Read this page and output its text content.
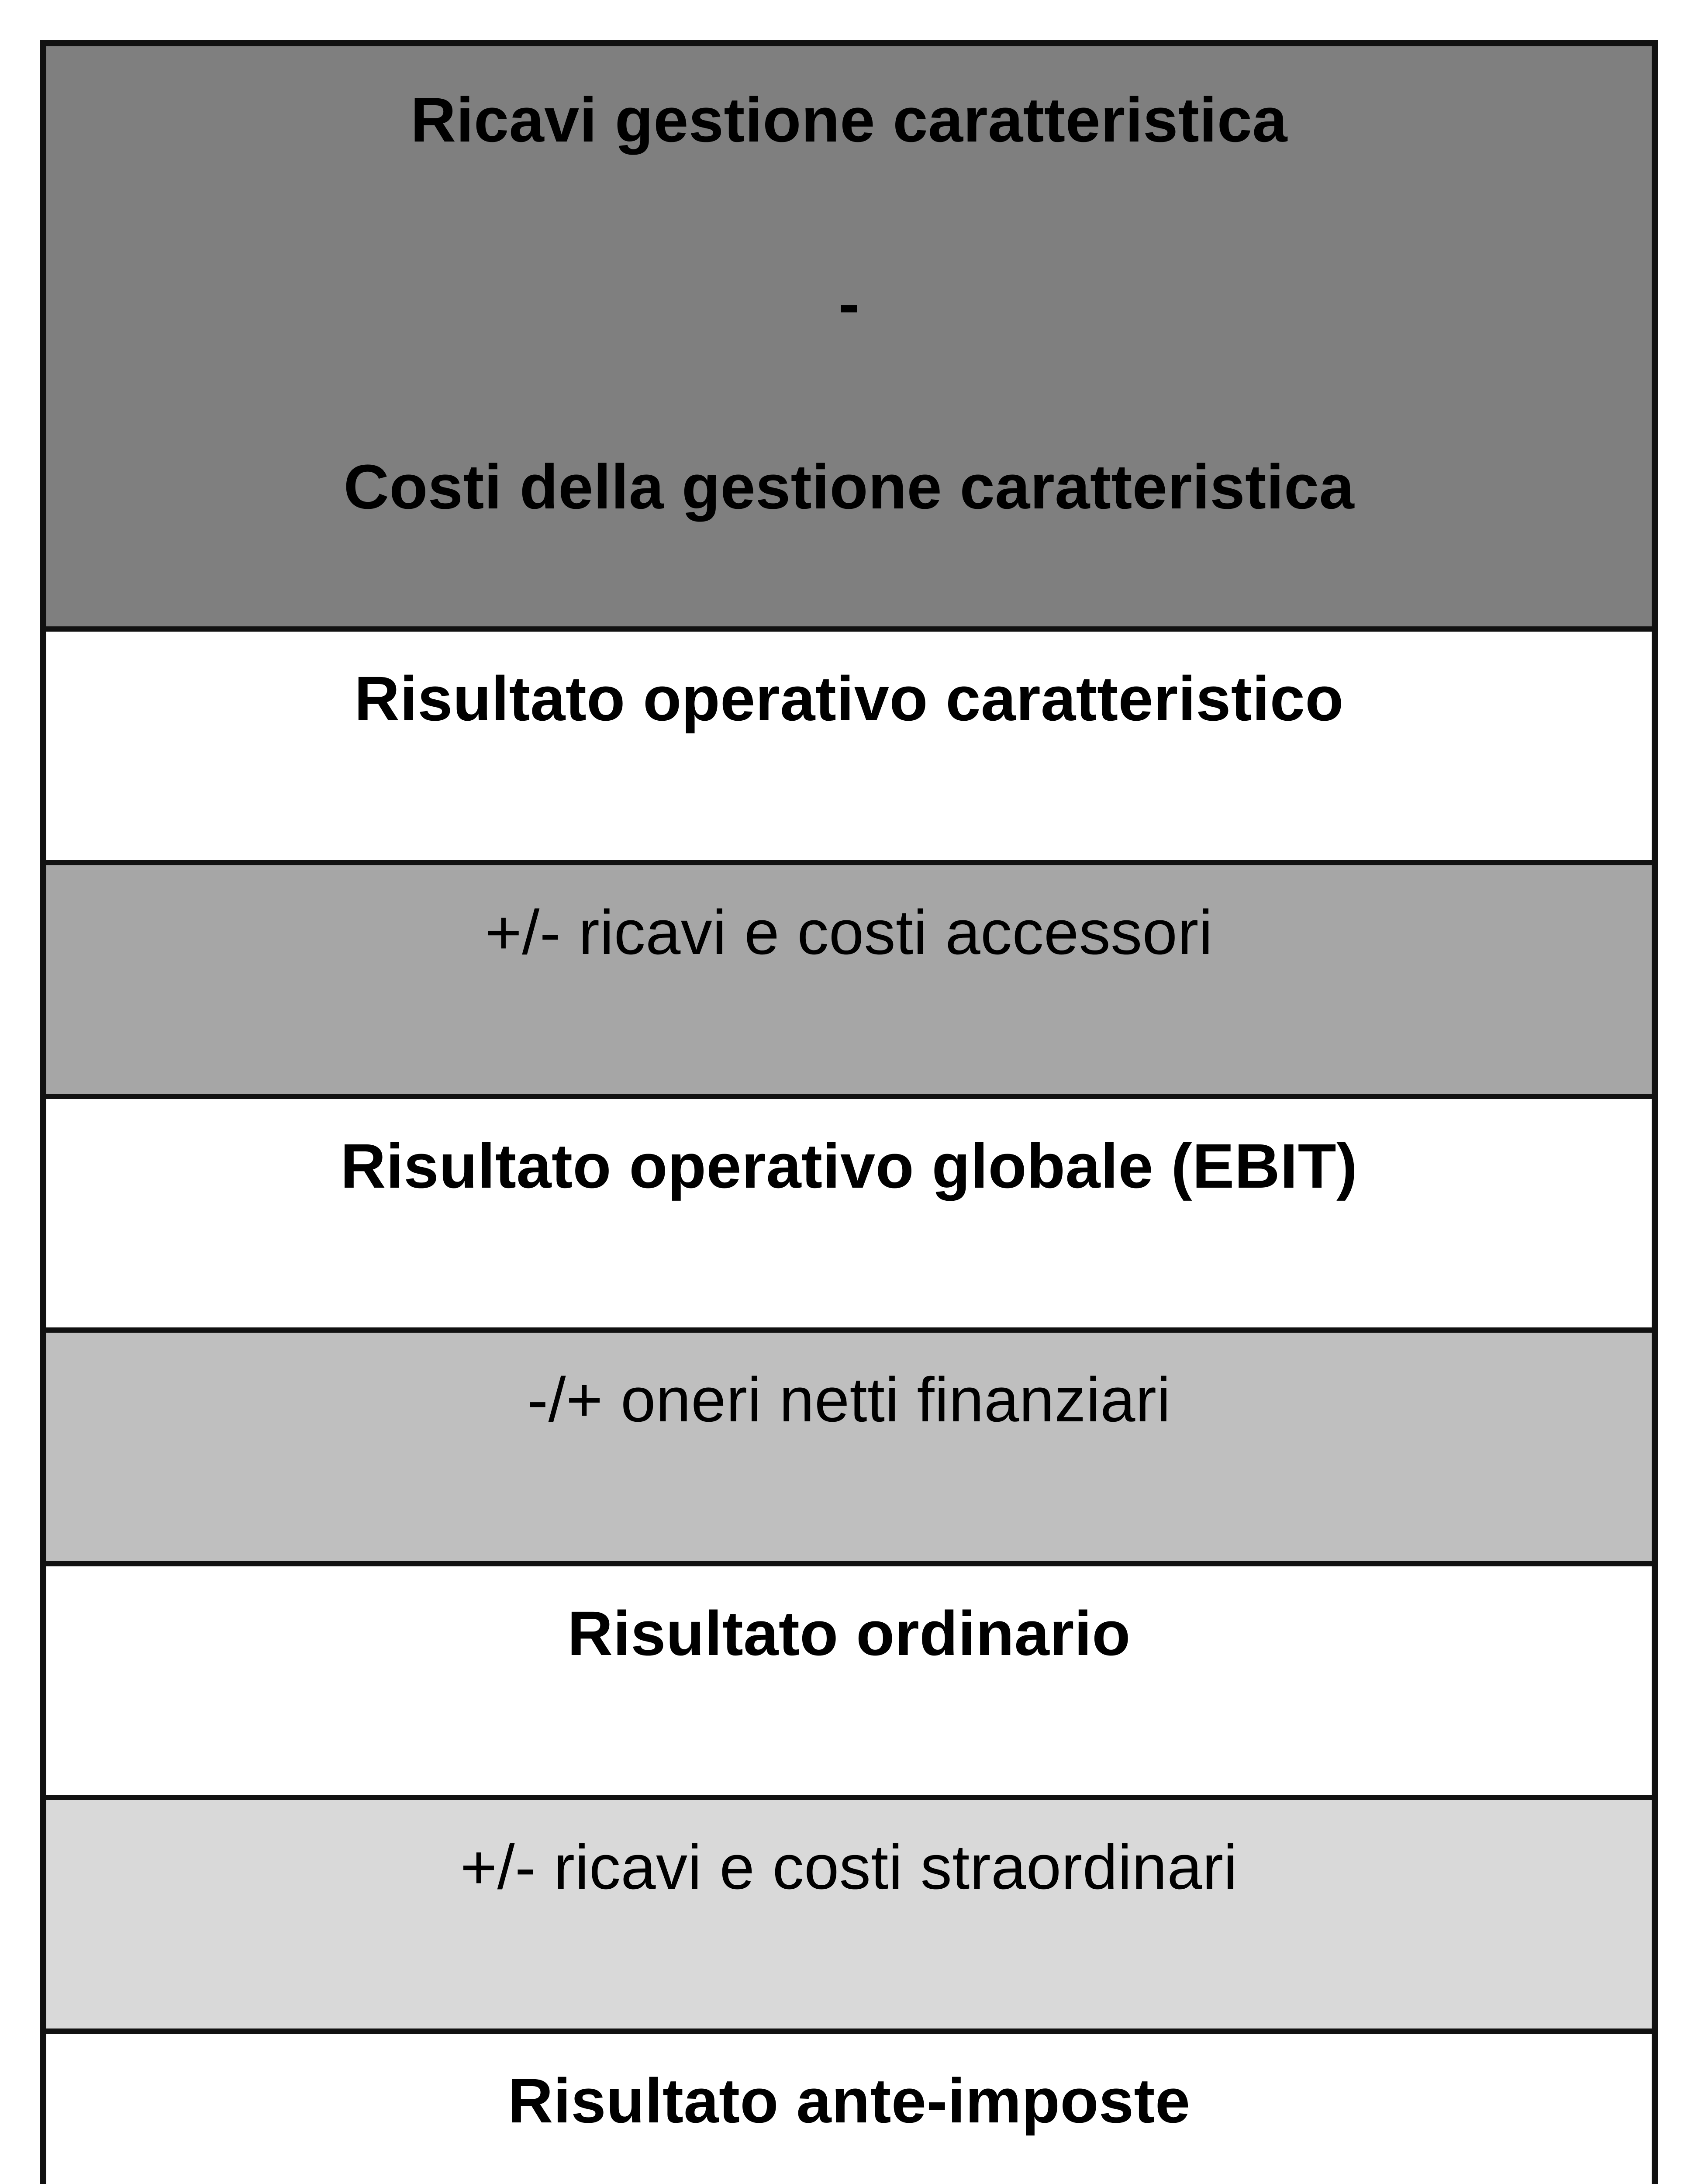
Ricavi gestione caratteristica
-
Costi della gestione caratteristica
Risultato operativo caratteristico
+/- ricavi e costi accessori
Risultato operativo globale (EBIT)
-/+ oneri netti finanziari
Risultato ordinario
+/- ricavi e costi straordinari
Risultato ante-imposte
